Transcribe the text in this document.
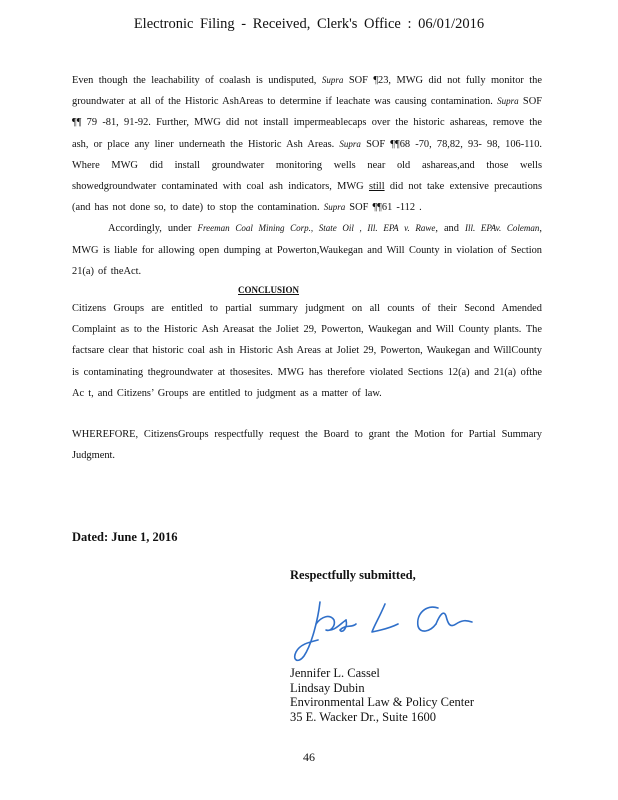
Electronic Filing - Received, Clerk's Office : 06/01/2016

Even though the leachability of coalash is undisputed, Supra SOF ¶23, MWG did not fully monitor the groundwater at all of the Historic AshAreas to determine if leachate was causing contamination. Supra SOF ¶¶ 79 -81, 91-92. Further, MWG did not install impermeablecaps over the historic ashareas, remove the ash, or place any liner underneath the Historic Ash Areas. Supra SOF ¶¶68 -70, 78,82, 93- 98, 106-110. Where MWG did install groundwater monitoring wells near old ashareas,and those wells showedgroundwater contaminated with coal ash indicators, MWG still did not take extensive precautions (and has not done so, to date) to stop the contamination. Supra SOF ¶¶61 -112 .

Accordingly, under Freeman Coal Mining Corp., State Oil , Ill. EPA v. Rawe, and Ill. EPAv. Coleman, MWG is liable for allowing open dumping at Powerton,Waukegan and Will County in violation of Section 21(a) of theAct.

CONCLUSION

Citizens Groups are entitled to partial summary judgment on all counts of their Second Amended Complaint as to the Historic Ash Areasat the Joliet 29, Powerton, Waukegan and Will County plants. The factsare clear that historic coal ash in Historic Ash Areas at Joliet 29, Powerton, Waukegan and WillCounty is contaminating thegroundwater at thosesites. MWG has therefore violated Sections 12(a) and 21(a) ofthe Ac t, and Citizens’ Groups are entitled to judgment as a matter of law.

WHEREFORE, CitizensGroups respectfully request the Board to grant the Motion for Partial Summary Judgment.

Dated: June 1, 2016
Respectfully submitted,
Jennifer L. Cassel
Lindsay Dubin
Environmental Law & Policy Center
35 E. Wacker Dr., Suite 1600
46
